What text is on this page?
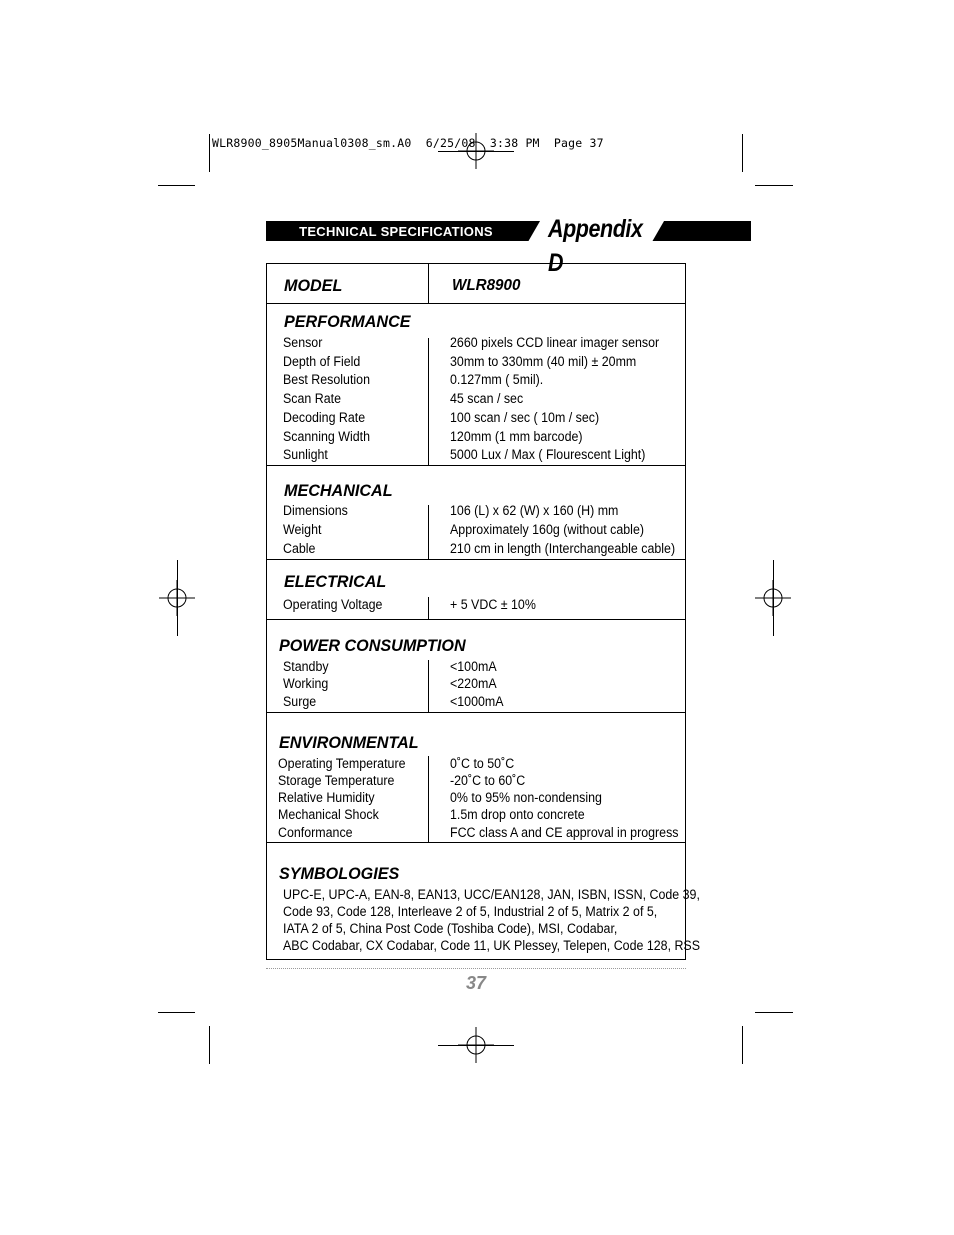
WLR8900_8905Manual0308_sm.A0  6/25/08  3:38 PM  Page 37
TECHNICAL SPECIFICATIONS	Appendix D
MODEL	WLR8900
PERFORMANCE
Sensor	2660 pixels CCD linear imager sensor
Depth of Field	30mm to 330mm (40 mil) ± 20mm
Best Resolution	0.127mm ( 5mil).
Scan Rate	45 scan / sec
Decoding Rate	100 scan / sec ( 10m / sec)
Scanning Width	120mm (1 mm barcode)
Sunlight	5000 Lux / Max ( Flourescent Light)
MECHANICAL
Dimensions	106 (L) x 62 (W) x 160 (H) mm
Weight	Approximately 160g (without cable)
Cable	210 cm in length (Interchangeable cable)
ELECTRICAL
Operating Voltage	+ 5 VDC ± 10%
POWER CONSUMPTION
Standby	<100mA
Working	<220mA
Surge	<1000mA
ENVIRONMENTAL
Operating Temperature	0˚C to 50˚C
Storage Temperature	-20˚C to 60˚C
Relative Humidity	0% to 95% non-condensing
Mechanical Shock	1.5m drop onto concrete
Conformance	FCC class A and CE approval in progress
SYMBOLOGIES
UPC-E, UPC-A, EAN-8, EAN13, UCC/EAN128, JAN, ISBN, ISSN, Code 39,
Code 93, Code 128, Interleave 2 of 5, Industrial 2 of 5, Matrix 2 of 5,
IATA 2 of 5, China Post Code (Toshiba Code), MSI, Codabar,
ABC Codabar, CX Codabar, Code 11, UK Plessey, Telepen, Code 128, RSS
37
